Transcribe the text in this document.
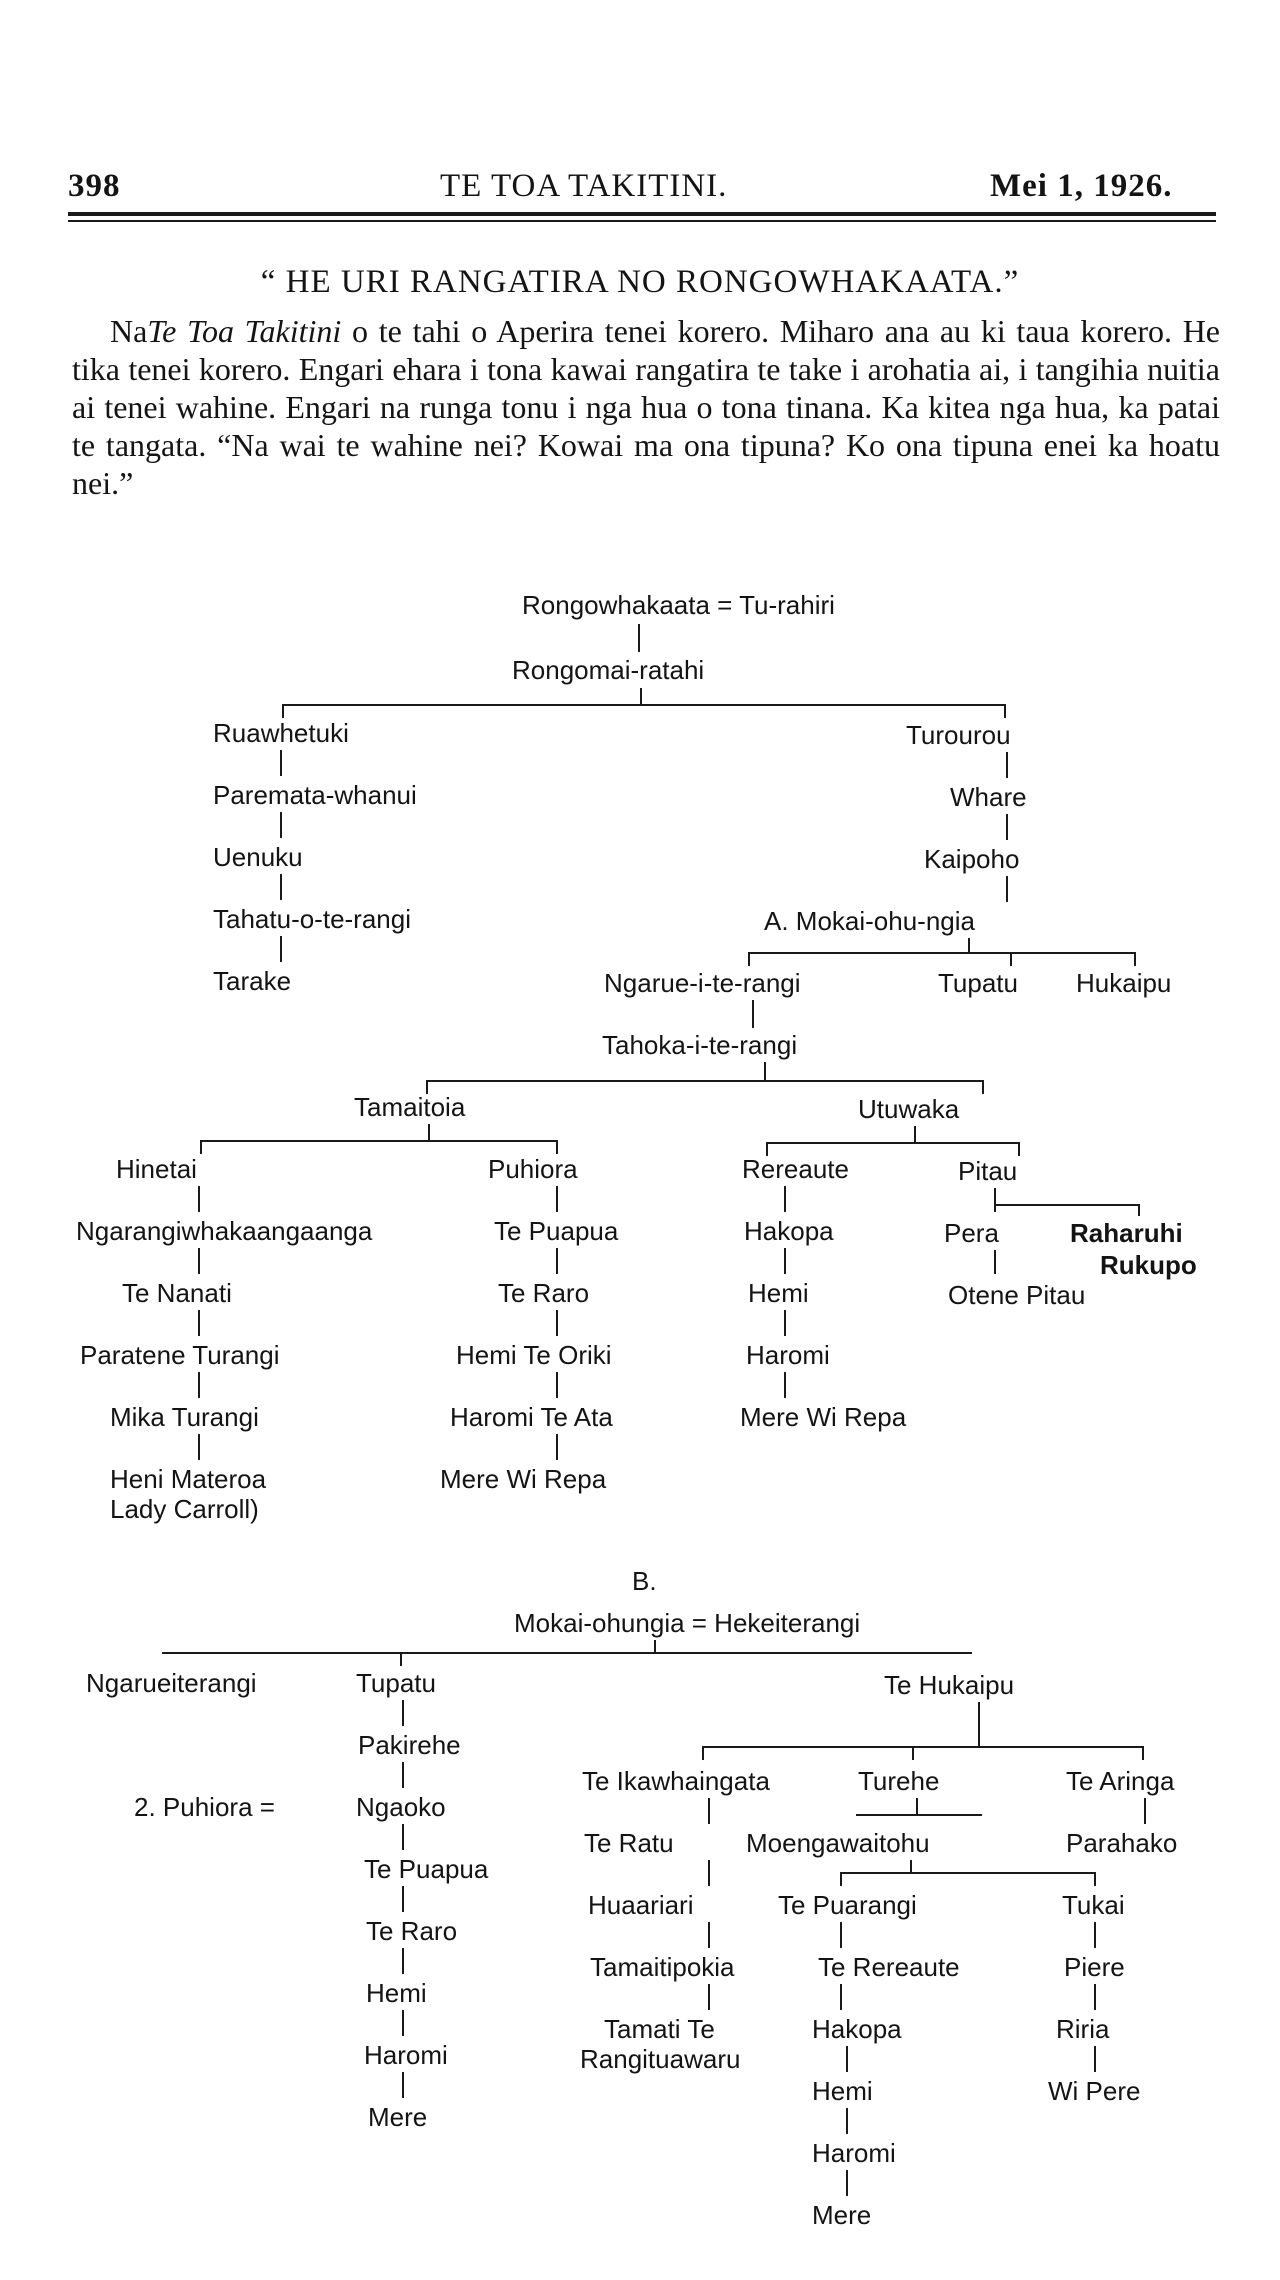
398	TE TOA TAKITINI.	Mei 1, 1926.
“ HE URI RANGATIRA NO RONGOWHAKAATA.”

NaTe Toa Takitini o te tahi o Aperira tenei korero. Miharo ana au ki taua korero. He tika tenei korero. Engari ehara i tona kawai rangatira te take i arohatia ai, i tangihia nuitia ai tenei wahine. Engari na runga tonu i nga hua o tona tinana. Ka kitea nga hua, ka patai te tangata. “Na wai te wahine nei? Kowai ma ona tipuna? Ko ona tipuna enei ka hoatu nei.”

Rongowhakaata = Tu-rahiri
Rongomai-ratahi
Ruawhetuki
Paremata-whanui
Uenuku
Tahatu-o-te-rangi
Tarake
Turourou
Whare
Kaipoho
A. Mokai-ohu-ngia
Ngarue-i-te-rangi	Tupatu Hukaipu
Tahoka-i-te-rangi
Tamaitoia	Utuwaka
Hinetai
Ngarangiwhakaangaanga
Te Nanati
Paratene Turangi
Mika Turangi
Heni Materoa
Lady Carroll)
Puhiora
Te Puapua
Te Raro
Hemi Te Oriki
Haromi Te Ata
Mere Wi Repa
Rereaute
Hakopa
Hemi
Haromi
Mere Wi Repa
Pitau
Pera
Otene Pitau
Raharuhi
Rukupo
B.
Mokai-ohungia = Hekeiterangi
Ngarueiterangi	Tupatu
Pakirehe
2. Puhiora =	Ngaoko
Te Puapua
Te Raro
Hemi
Haromi
Mere
Te Hukaipu
Te Ikawhaingata	Turehe	Te Aringa
Te Ratu	Moengawaitohu	Parahako
Huaariari	Te Puarangi	Tukai
Tamaitipokia	Te Rereaute	Piere
Tamati Te
Rangituawaru
Hakopa	Riria
Hemi	Wi Pere
Haromi
Mere
